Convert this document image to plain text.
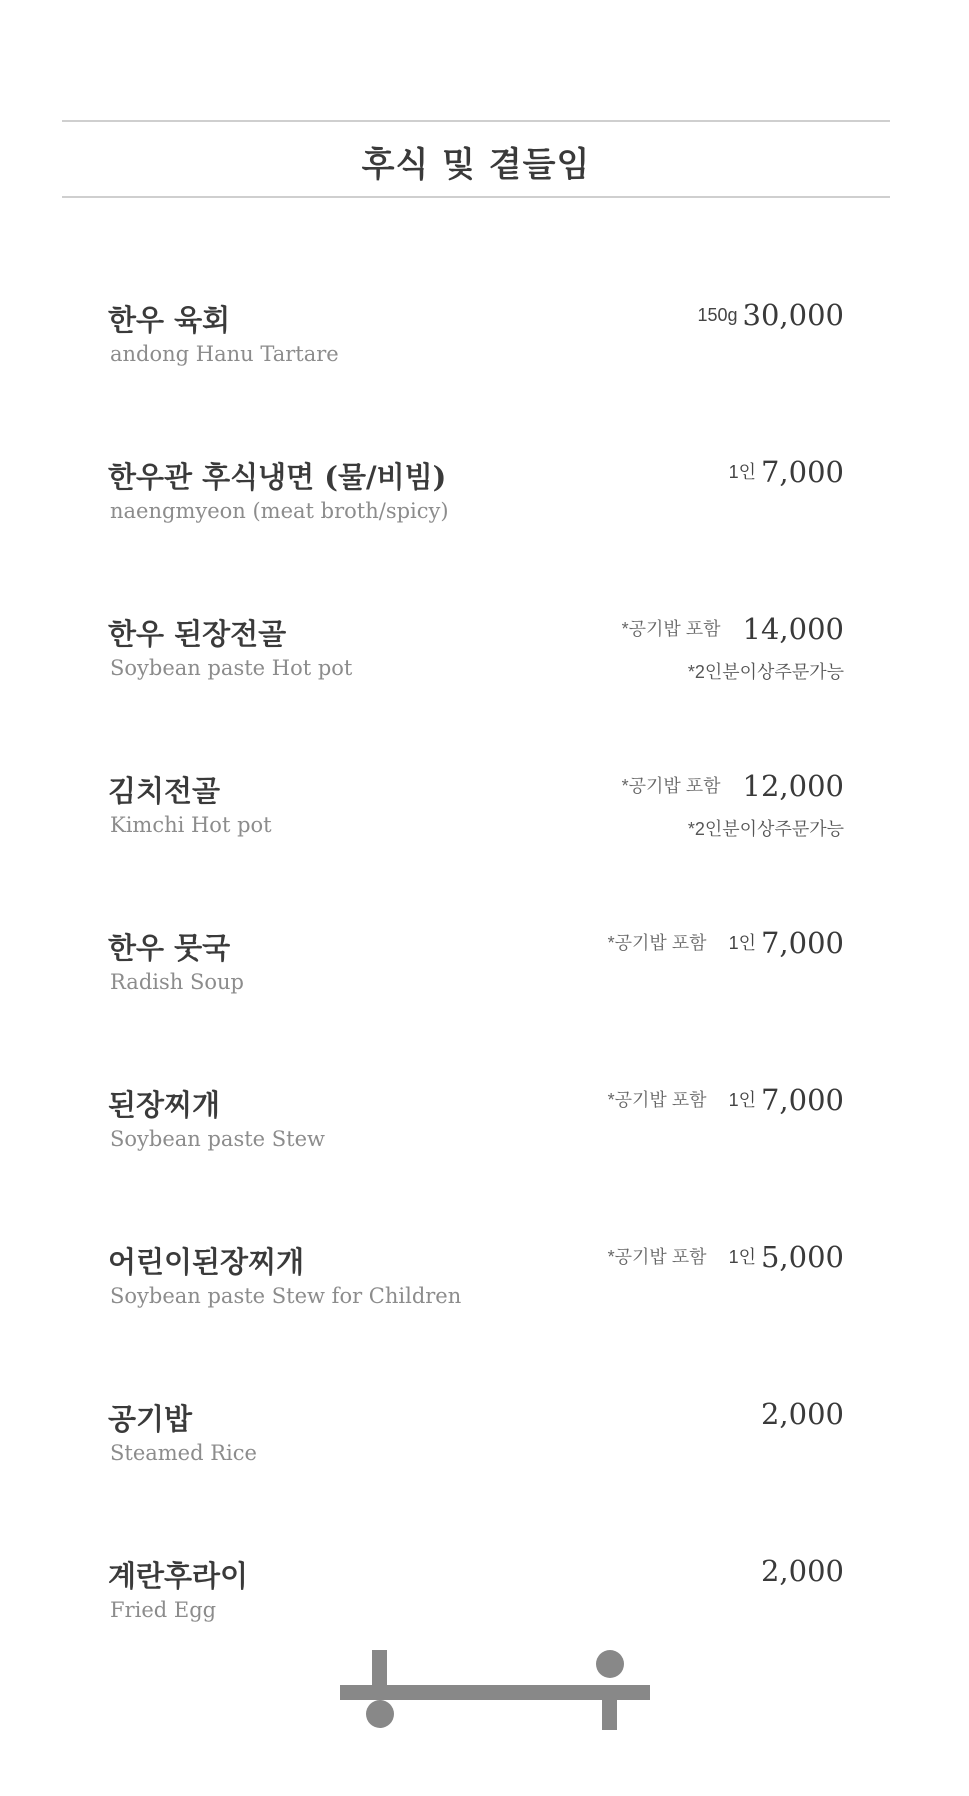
후식 및 곁들임
한우 육회
andong Hanu Tartare
150g 30,000
한우관 후식냉면 (물/비빔)
naengmyeon (meat broth/spicy)
1인 7,000
한우 된장전골
Soybean paste Hot pot
*공기밥 포함 14,000
*2인분이상주문가능
김치전골
Kimchi Hot pot
*공기밥 포함 12,000
*2인분이상주문가능
한우 뭇국
Radish Soup
*공기밥 포함 1인 7,000
된장찌개
Soybean paste Stew
*공기밥 포함 1인 7,000
어린이된장찌개
Soybean paste Stew for Children
*공기밥 포함 1인 5,000
공기밥
Steamed Rice
2,000
계란후라이
Fried Egg
2,000
